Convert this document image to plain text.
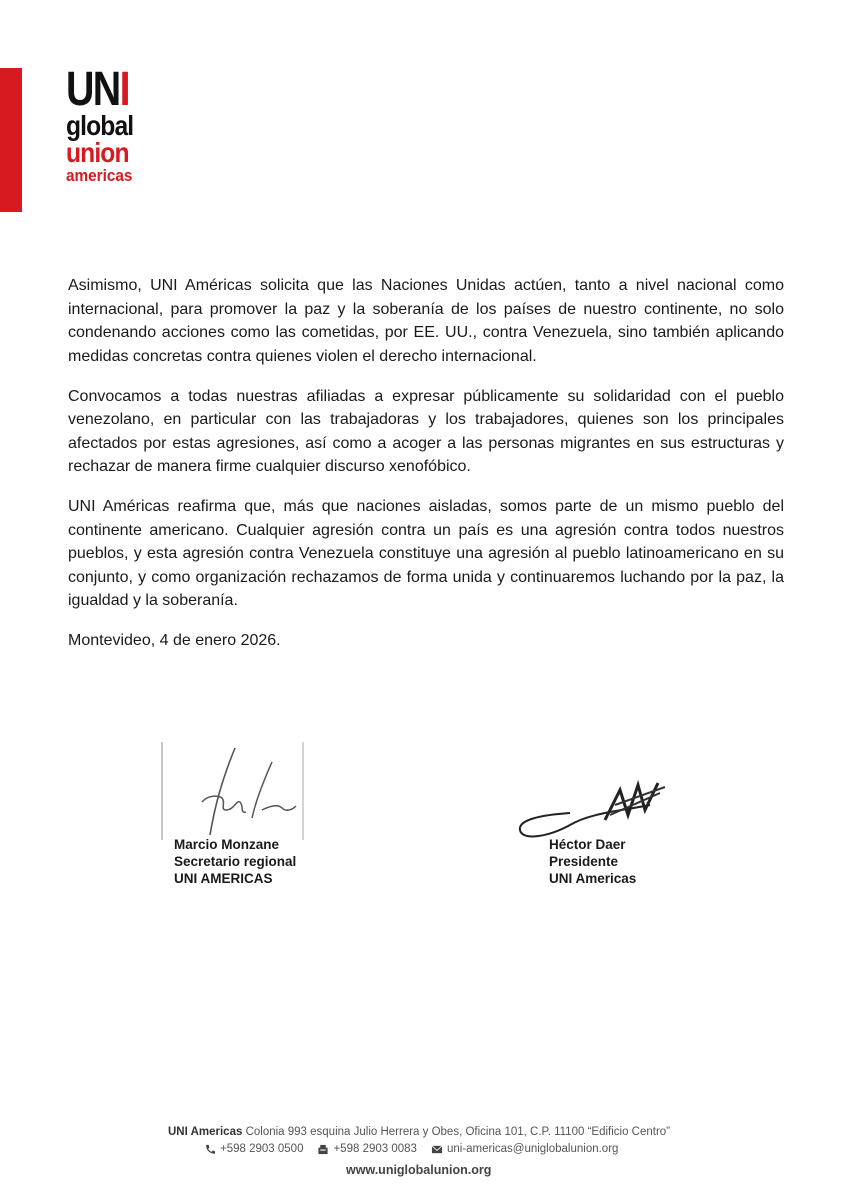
UNI
global
union
americas

Asimismo, UNI Américas solicita que las Naciones Unidas actúen, tanto a nivel nacional como internacional, para promover la paz y la soberanía de los países de nuestro continente, no solo condenando acciones como las cometidas, por EE. UU., contra Venezuela, sino también aplicando medidas concretas contra quienes violen el derecho internacional.

Convocamos a todas nuestras afiliadas a expresar públicamente su solidaridad con el pueblo venezolano, en particular con las trabajadoras y los trabajadores, quienes son los principales afectados por estas agresiones, así como a acoger a las personas migrantes en sus estructuras y rechazar de manera firme cualquier discurso xenofóbico.

UNI Américas reafirma que, más que naciones aisladas, somos parte de un mismo pueblo del continente americano. Cualquier agresión contra un país es una agresión contra todos nuestros pueblos, y esta agresión contra Venezuela constituye una agresión al pueblo latinoamericano en su conjunto, y como organización rechazamos de forma unida y continuaremos luchando por la paz, la igualdad y la soberanía.

Montevideo, 4 de enero 2026.

Marcio Monzane
Secretario regional
UNI AMERICAS
Héctor Daer
Presidente
UNI Americas
UNI Americas Colonia 993 esquina Julio Herrera y Obes, Oficina 101, C.P. 11100 “Edificio Centro”
+598 2903 0500	+598 2903 0083	uni-americas@uniglobalunion.org
www.uniglobalunion.org
